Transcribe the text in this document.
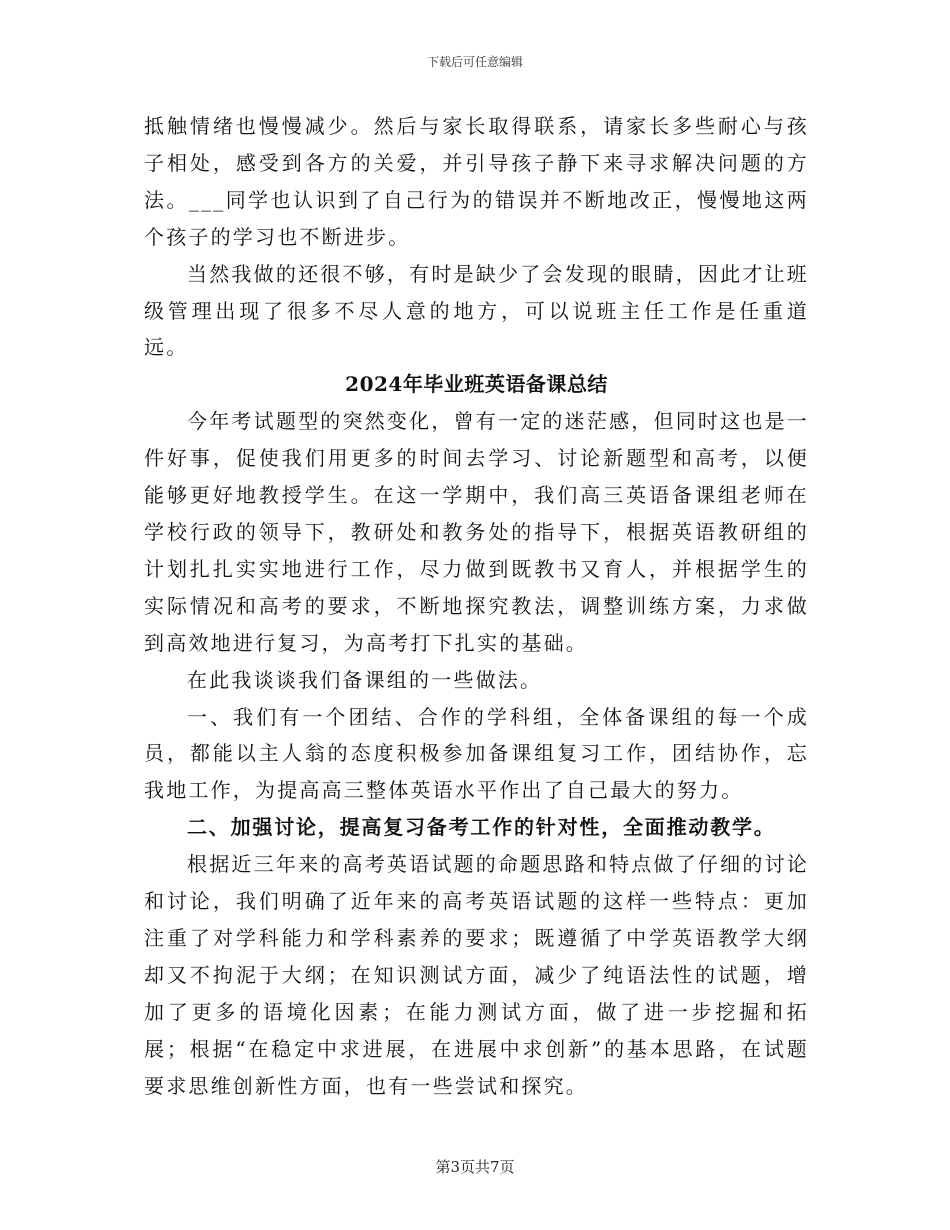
下载后可任意编辑

抵触情绪也慢慢减少。然后与家长取得联系，请家长多些耐心与孩子相处，感受到各方的关爱，并引导孩子静下来寻求解决问题的方法。___同学也认识到了自己行为的错误并不断地改正，慢慢地这两个孩子的学习也不断进步。

当然我做的还很不够，有时是缺少了会发现的眼睛，因此才让班级管理出现了很多不尽人意的地方，可以说班主任工作是任重道远。

2024年毕业班英语备课总结

今年考试题型的突然变化，曾有一定的迷茫感，但同时这也是一件好事，促使我们用更多的时间去学习、讨论新题型和高考，以便能够更好地教授学生。在这一学期中，我们高三英语备课组老师在学校行政的领导下，教研处和教务处的指导下，根据英语教研组的计划扎扎实实地进行工作，尽力做到既教书又育人，并根据学生的实际情况和高考的要求，不断地探究教法，调整训练方案，力求做到高效地进行复习，为高考打下扎实的基础。

在此我谈谈我们备课组的一些做法。

一、我们有一个团结、合作的学科组，全体备课组的每一个成员，都能以主人翁的态度积极参加备课组复习工作，团结协作，忘我地工作，为提高高三整体英语水平作出了自己最大的努力。

二、加强讨论，提高复习备考工作的针对性，全面推动教学。

根据近三年来的高考英语试题的命题思路和特点做了仔细的讨论和讨论，我们明确了近年来的高考英语试题的这样一些特点：更加注重了对学科能力和学科素养的要求；既遵循了中学英语教学大纲却又不拘泥于大纲；在知识测试方面，减少了纯语法性的试题，增加了更多的语境化因素；在能力测试方面，做了进一步挖掘和拓展；根据“在稳定中求进展，在进展中求创新”的基本思路，在试题要求思维创新性方面，也有一些尝试和探究。

第3页共7页
